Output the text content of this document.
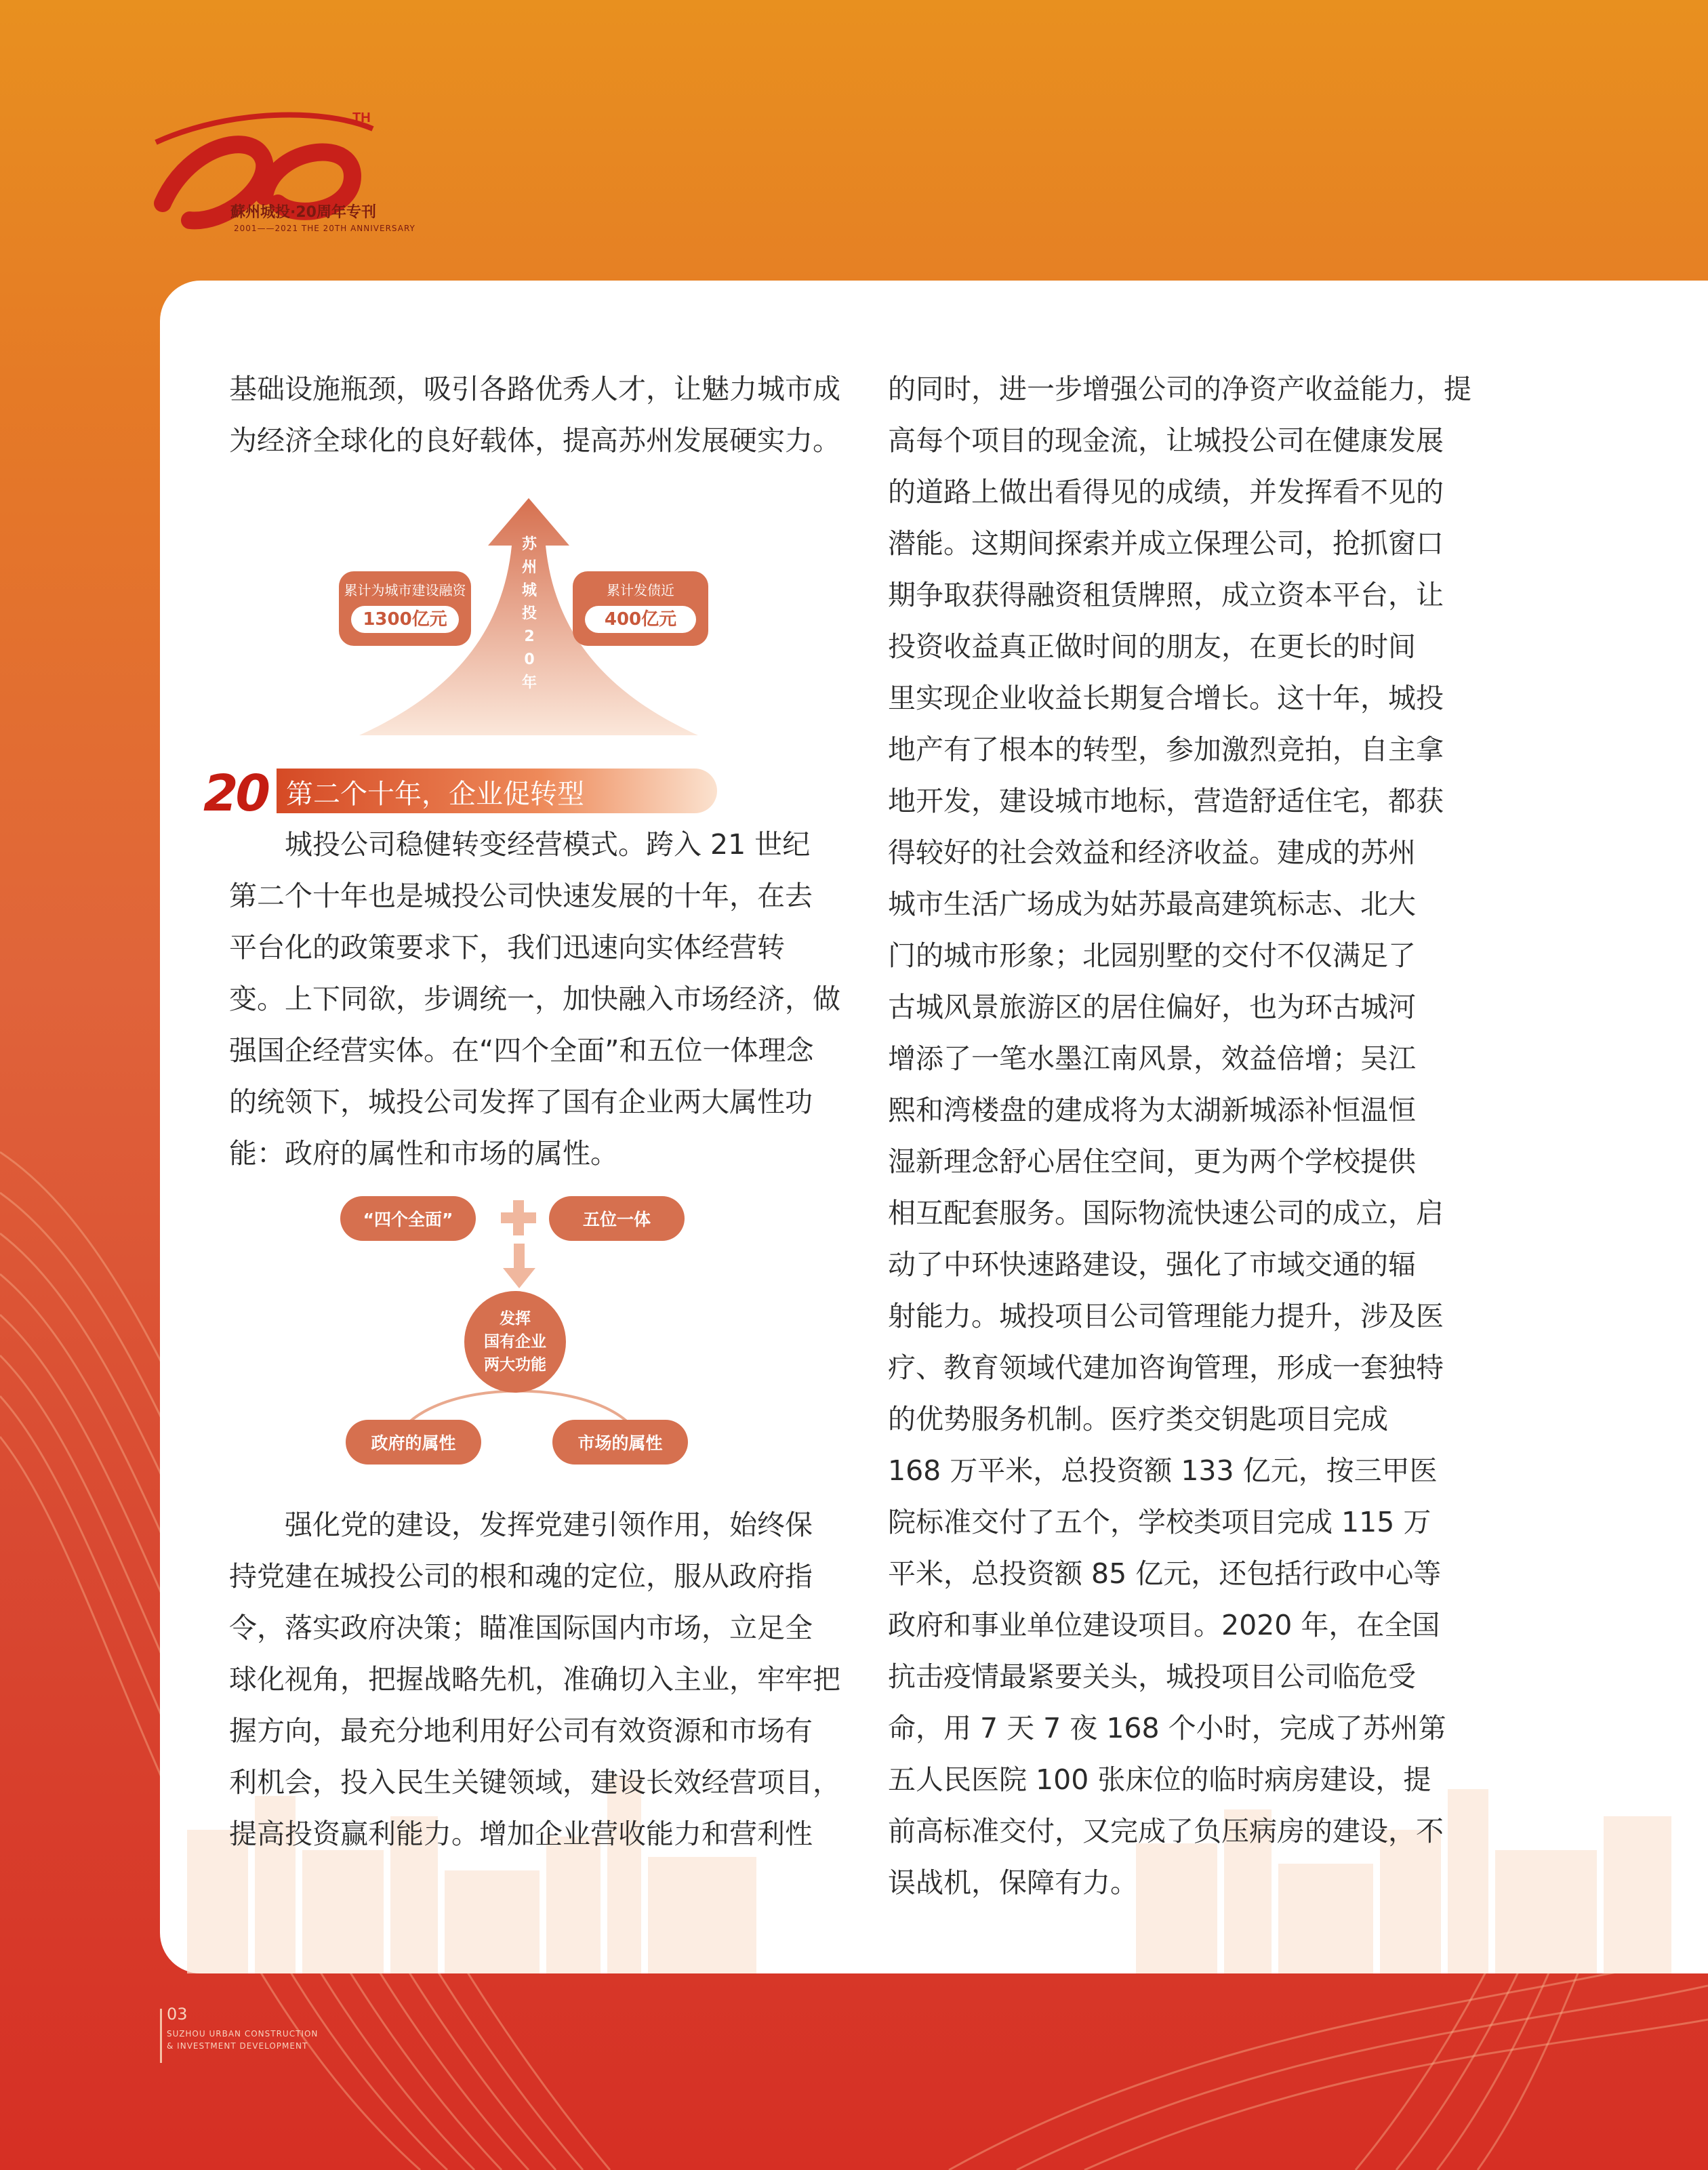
TH
蘇州城投·20周年专刊
2001——2021 THE 20TH ANNIVERSARY
基础设施瓶颈，吸引各路优秀人才，让魅力城市成
为经济全球化的良好载体，提高苏州发展硬实力。
苏
州
城
投
2
0
年
累计为城市建设融资
1300亿元
累计发债近
400亿元
20 第二个十年，企业促转型
　　城投公司稳健转变经营模式。跨入 21 世纪
第二个十年也是城投公司快速发展的十年，在去
平台化的政策要求下，我们迅速向实体经营转
变。上下同欲，步调统一，加快融入市场经济，做
强国企经营实体。在“四个全面”和五位一体理念
的统领下，城投公司发挥了国有企业两大属性功
能：政府的属性和市场的属性。
“四个全面”	五位一体
发挥
国有企业
两大功能
政府的属性	市场的属性
　　强化党的建设，发挥党建引领作用，始终保
持党建在城投公司的根和魂的定位，服从政府指
令，落实政府决策；瞄准国际国内市场，立足全
球化视角，把握战略先机，准确切入主业，牢牢把
握方向，最充分地利用好公司有效资源和市场有
利机会，投入民生关键领域，建设长效经营项目，
提高投资赢利能力。增加企业营收能力和营利性
的同时，进一步增强公司的净资产收益能力，提
高每个项目的现金流，让城投公司在健康发展
的道路上做出看得见的成绩，并发挥看不见的
潜能。这期间探索并成立保理公司，抢抓窗口
期争取获得融资租赁牌照，成立资本平台，让
投资收益真正做时间的朋友，在更长的时间
里实现企业收益长期复合增长。这十年，城投
地产有了根本的转型，参加激烈竞拍，自主拿
地开发，建设城市地标，营造舒适住宅，都获
得较好的社会效益和经济收益。建成的苏州
城市生活广场成为姑苏最高建筑标志、北大
门的城市形象；北园别墅的交付不仅满足了
古城风景旅游区的居住偏好，也为环古城河
增添了一笔水墨江南风景，效益倍增；吴江
熙和湾楼盘的建成将为太湖新城添补恒温恒
湿新理念舒心居住空间，更为两个学校提供
相互配套服务。国际物流快速公司的成立，启
动了中环快速路建设，强化了市域交通的辐
射能力。城投项目公司管理能力提升，涉及医
疗、教育领域代建加咨询管理，形成一套独特
的优势服务机制。医疗类交钥匙项目完成
168 万平米，总投资额 133 亿元，按三甲医
院标准交付了五个，学校类项目完成 115 万
平米，总投资额 85 亿元，还包括行政中心等
政府和事业单位建设项目。2020 年，在全国
抗击疫情最紧要关头，城投项目公司临危受
命，用 7 天 7 夜 168 个小时，完成了苏州第
五人民医院 100 张床位的临时病房建设，提
前高标准交付，又完成了负压病房的建设，不
误战机，保障有力。
03
SUZHOU URBAN CONSTRUCTION
& INVESTMENT DEVELOPMENT
